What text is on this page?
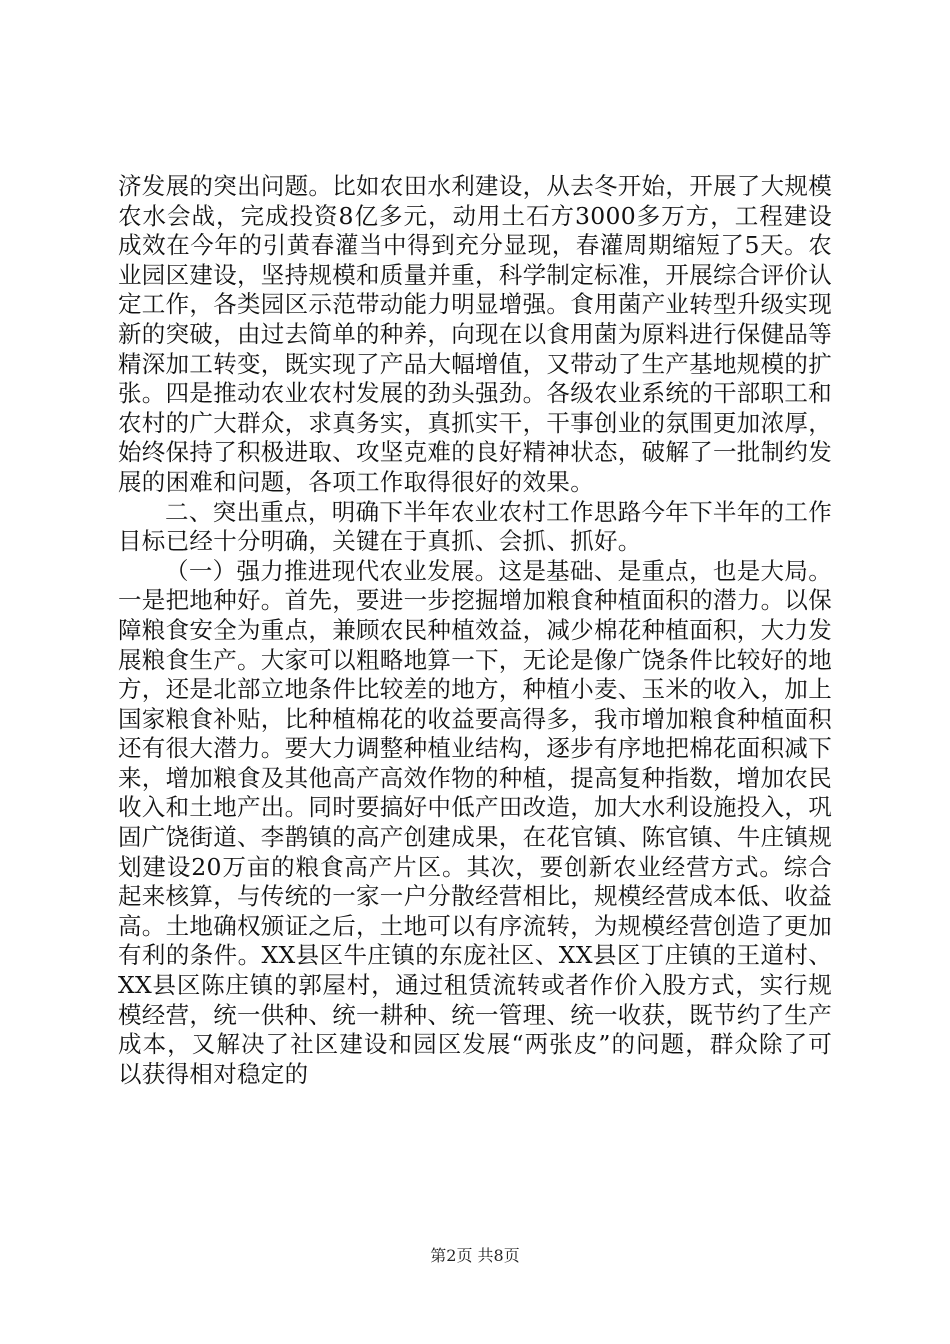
济发展的突出问题。比如农田水利建设，从去冬开始，开展了大规模农水会战，完成投资8亿多元，动用土石方3000多万方，工程建设成效在今年的引黄春灌当中得到充分显现，春灌周期缩短了5天。农业园区建设，坚持规模和质量并重，科学制定标准，开展综合评价认定工作，各类园区示范带动能力明显增强。食用菌产业转型升级实现新的突破，由过去简单的种养，向现在以食用菌为原料进行保健品等精深加工转变，既实现了产品大幅增值，又带动了生产基地规模的扩张。四是推动农业农村发展的劲头强劲。各级农业系统的干部职工和农村的广大群众，求真务实，真抓实干，干事创业的氛围更加浓厚，始终保持了积极进取、攻坚克难的良好精神状态，破解了一批制约发展的困难和问题，各项工作取得很好的效果。

二、突出重点，明确下半年农业农村工作思路今年下半年的工作目标已经十分明确，关键在于真抓、会抓、抓好。

（一）强力推进现代农业发展。这是基础、是重点，也是大局。一是把地种好。首先，要进一步挖掘增加粮食种植面积的潜力。以保障粮食安全为重点，兼顾农民种植效益，减少棉花种植面积，大力发展粮食生产。大家可以粗略地算一下，无论是像广饶条件比较好的地方，还是北部立地条件比较差的地方，种植小麦、玉米的收入，加上国家粮食补贴，比种植棉花的收益要高得多，我市增加粮食种植面积还有很大潜力。要大力调整种植业结构，逐步有序地把棉花面积减下来，增加粮食及其他高产高效作物的种植，提高复种指数，增加农民收入和土地产出。同时要搞好中低产田改造，加大水利设施投入，巩固广饶街道、李鹊镇的高产创建成果，在花官镇、陈官镇、牛庄镇规划建设20万亩的粮食高产片区。其次，要创新农业经营方式。综合起来核算，与传统的一家一户分散经营相比，规模经营成本低、收益高。土地确权颁证之后，土地可以有序流转，为规模经营创造了更加有利的条件。XX县区牛庄镇的东庞社区、XX县区丁庄镇的王道村、XX县区陈庄镇的郭屋村，通过租赁流转或者作价入股方式，实行规模经营，统一供种、统一耕种、统一管理、统一收获，既节约了生产成本，又解决了社区建设和园区发展“两张皮”的问题，群众除了可以获得相对稳定的

第2页 共8页
